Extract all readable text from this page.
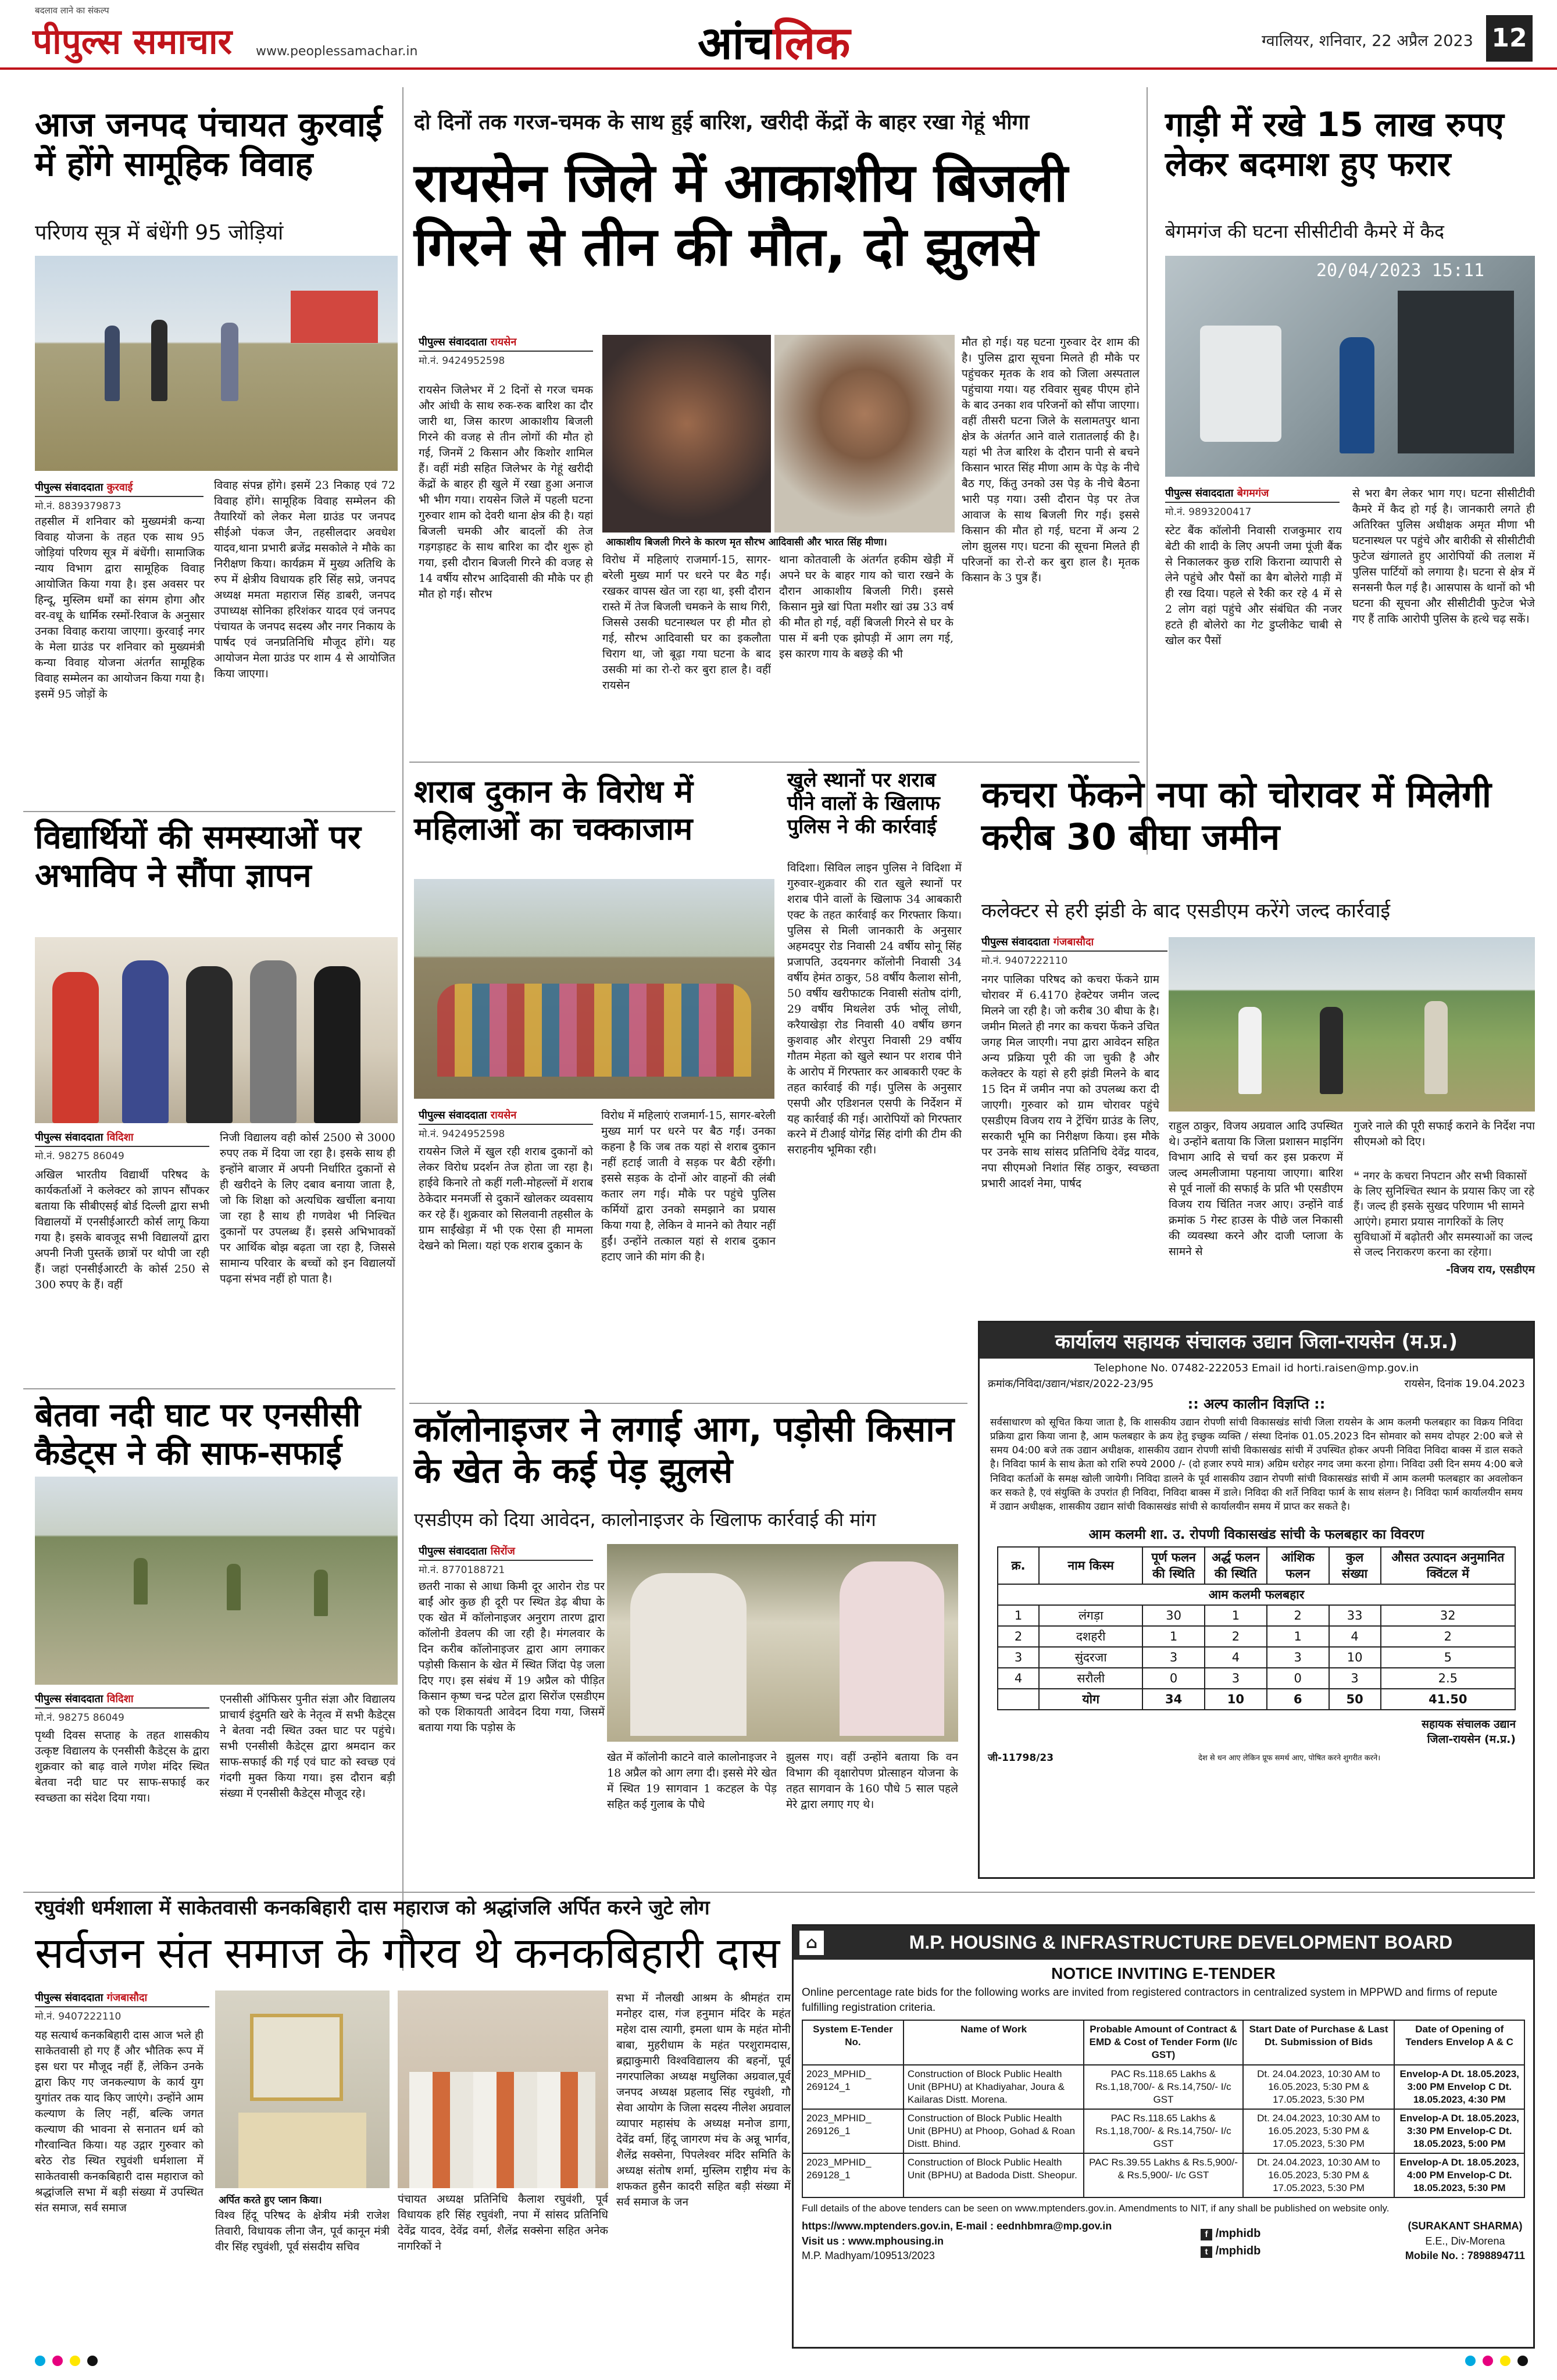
बदलाव लाने का संकल्प
पीपुल्स समाचार www.peoplessamachar.in	आंचलिक	ग्वालियर, शनिवार, 22 अप्रैल 2023 12
आज जनपद पंचायत कुरवाई में होंगे सामूहिक विवाह
परिणय सूत्र में बंधेंगी 95 जोड़ियां
पीपुल्स संवाददाता कुरवाई
मो.नं. 8839379873
तहसील में शनिवार को मुख्यमंत्री कन्या विवाह योजना के तहत एक साथ 95 जोड़ियां परिणय सूत्र में बंधेंगी। सामाजिक न्याय विभाग द्वारा सामूहिक विवाह आयोजित किया गया है। इस अवसर पर हिन्दू, मुस्लिम धर्मों का संगम होगा और वर-वधू के धार्मिक रस्मों-रिवाज के अनुसार उनका विवाह कराया जाएगा। कुरवाई नगर के मेला ग्राउंड पर शनिवार को मुख्यमंत्री कन्या विवाह योजना अंतर्गत सामूहिक विवाह सम्मेलन का आयोजन किया गया है। इसमें 95 जोड़ों के
विवाह संपन्न होंगे। इसमें 23 निकाह एवं 72 विवाह होंगे। सामूहिक विवाह सम्मेलन की तैयारियों को लेकर मेला ग्राउंड पर जनपद सीईओ पंकज जैन, तहसीलदार अवधेश यादव,थाना प्रभारी ब्रजेंद्र मसकोले ने मौके का निरीक्षण किया। कार्यक्रम में मुख्य अतिथि के रुप में क्षेत्रीय विधायक हरि सिंह सप्रे, जनपद अध्यक्ष ममता महाराज सिंह डाबरी, जनपद उपाध्यक्ष सोनिका हरिशंकर यादव एवं जनपद पंचायत के जनपद सदस्य और नगर निकाय के पार्षद एवं जनप्रतिनिधि मौजूद होंगे। यह आयोजन मेला ग्राउंड पर शाम 4 से आयोजित किया जाएगा।
दो दिनों तक गरज-चमक के साथ हुई बारिश, खरीदी केंद्रों के बाहर रखा गेहूं भीगा
रायसेन जिले में आकाशीय बिजली गिरने से तीन की मौत, दो झुलसे
पीपुल्स संवाददाता रायसेन
मो.नं. 9424952598
आकाशीय बिजली गिरने के कारण मृत सौरभ आदिवासी और भारत सिंह मीणा।
रायसेन जिलेभर में 2 दिनों से गरज चमक और आंधी के साथ रुक-रुक बारिश का दौर जारी था, जिस कारण आकाशीय बिजली गिरने की वजह से तीन लोगों की मौत हो गई, जिनमें 2 किसान और किशोर शामिल हैं। वहीं मंडी सहित जिलेभर के गेहूं खरीदी केंद्रों के बाहर ही खुले में रखा हुआ अनाज भी भीग गया। रायसेन जिले में पहली घटना गुरुवार शाम को देवरी थाना क्षेत्र की है। यहां बिजली चमकी और बादलों की तेज गड़गड़ाहट के साथ बारिश का दौर शुरू हो गया, इसी दौरान बिजली गिरने की वजह से 14 वर्षीय सौरभ आदिवासी की मौके पर ही मौत हो गई। सौरभ
विरोध में महिलाएं राजमार्ग-15, सागर-बरेली मुख्य मार्ग पर धरने पर बैठ गईं। रखकर वापस खेत जा रहा था, इसी दौरान रास्ते में तेज बिजली चमकने के साथ गिरी, जिससे उसकी घटनास्थल पर ही मौत हो गई, सौरभ आदिवासी घर का इकलौता चिराग था, जो बूढ़ा गया घटना के बाद उसकी मां का रो-रो कर बुरा हाल है। वहीं रायसेन
थाना कोतवाली के अंतर्गत हकीम खेड़ी में अपने घर के बाहर गाय को चारा रखने के दौरान आकाशीय बिजली गिरी। इससे किसान मुन्ने खां पिता मशीर खां उम्र 33 वर्ष की मौत हो गई, वहीं बिजली गिरने से घर के पास में बनी एक झोपड़ी में आग लग गई, इस कारण गाय के बछड़े की भी
मौत हो गई। यह घटना गुरुवार देर शाम की है। पुलिस द्वारा सूचना मिलते ही मौके पर पहुंचकर मृतक के शव को जिला अस्पताल पहुंचाया गया। यह रविवार सुबह पीएम होने के बाद उनका शव परिजनों को सौंपा जाएगा। वहीं तीसरी घटना जिले के सलामतपुर थाना क्षेत्र के अंतर्गत आने वाले रातातलाई की है। यहां भी तेज बारिश के दौरान पानी से बचने किसान भारत सिंह मीणा आम के पेड़ के नीचे बैठ गए, किंतु उनको उस पेड़ के नीचे बैठना भारी पड़ गया। उसी दौरान पेड़ पर तेज आवाज के साथ बिजली गिर गई। इससे किसान की मौत हो गई, घटना में अन्य 2 लोग झुलस गए। घटना की सूचना मिलते ही परिजनों का रो-रो कर बुरा हाल है। मृतक किसान के 3 पुत्र हैं।
गाड़ी में रखे 15 लाख रुपए लेकर बदमाश हुए फरार
बेगमगंज की घटना सीसीटीवी कैमरे में कैद
20/04/2023 15:11
पीपुल्स संवाददाता बेगमगंज
मो.नं. 9893200417
स्टेट बैंक कॉलोनी निवासी राजकुमार राय बेटी की शादी के लिए अपनी जमा पूंजी बैंक से निकालकर कुछ राशि किराना व्यापारी से लेने पहुंचे और पैसों का बैग बोलेरो गाड़ी में ही रख दिया। पहले से रैकी कर रहे 4 में से 2 लोग वहां पहुंचे और संबंधित की नजर हटते ही बोलेरो का गेट डुप्लीकेट चाबी से खोल कर पैसों
से भरा बैग लेकर भाग गए। घटना सीसीटीवी कैमरे में कैद हो गई है। जानकारी लगते ही अतिरिक्त पुलिस अधीक्षक अमृत मीणा भी घटनास्थल पर पहुंचे और बारीकी से सीसीटीवी फुटेज खंगालते हुए आरोपियों की तलाश में पुलिस पार्टियों को लगाया है। घटना से क्षेत्र में सनसनी फैल गई है। आसपास के थानों को भी घटना की सूचना और सीसीटीवी फुटेज भेजे गए हैं ताकि आरोपी पुलिस के हत्थे चढ़ सकें।
विद्यार्थियों की समस्याओं पर अभाविप ने सौंपा ज्ञापन
पीपुल्स संवाददाता विदिशा
मो.नं. 98275 86049
अखिल भारतीय विद्यार्थी परिषद के कार्यकर्ताओं ने कलेक्टर को ज्ञापन सौंपकर बताया कि सीबीएसई बोर्ड दिल्ली द्वारा सभी विद्यालयों में एनसीईआरटी कोर्स लागू किया गया है। इसके बावजूद सभी विद्यालयों द्वारा अपनी निजी पुस्तकें छात्रों पर थोपी जा रही हैं। जहां एनसीईआरटी के कोर्स 250 से 300 रुपए के हैं। वहीं
निजी विद्यालय वही कोर्स 2500 से 3000 रुपए तक में दिया जा रहा है। इसके साथ ही इन्होंने बाजार में अपनी निर्धारित दुकानों से ही खरीदने के लिए दबाव बनाया जाता है, जो कि शिक्षा को अत्यधिक खर्चीला बनाया जा रहा है साथ ही गणवेश भी निश्चित दुकानों पर उपलब्ध हैं। इससे अभिभावकों पर आर्थिक बोझ बढ़ता जा रहा है, जिससे सामान्य परिवार के बच्चों को इन विद्यालयों पढ़ना संभव नहीं हो पाता है।
शराब दुकान के विरोध में महिलाओं का चक्काजाम
पीपुल्स संवाददाता रायसेन
मो.नं. 9424952598
रायसेन जिले में खुल रही शराब दुकानों को लेकर विरोध प्रदर्शन तेज होता जा रहा है। हाईवे किनारे तो कहीं गली-मोहल्लों में शराब ठेकेदार मनमर्जी से दुकानें खोलकर व्यवसाय कर रहे हैं। शुक्रवार को सिलवानी तहसील के ग्राम साईंखेड़ा में भी एक ऐसा ही मामला देखने को मिला। यहां एक शराब दुकान के
विरोध में महिलाएं राजमार्ग-15, सागर-बरेली मुख्य मार्ग पर धरने पर बैठ गईं। उनका कहना है कि जब तक यहां से शराब दुकान नहीं हटाई जाती वे सड़क पर बैठी रहेंगी। इससे सड़क के दोनों ओर वाहनों की लंबी कतार लग गई। मौके पर पहुंचे पुलिस कर्मियों द्वारा उनको समझाने का प्रयास किया गया है, लेकिन वे मानने को तैयार नहीं हुईं। उन्होंने तत्काल यहां से शराब दुकान हटाए जाने की मांग की है।
खुले स्थानों पर शराब पीने वालों के खिलाफ पुलिस ने की कार्रवाई
विदिशा। सिविल लाइन पुलिस ने विदिशा में गुरुवार-शुक्रवार की रात खुले स्थानों पर शराब पीने वालों के खिलाफ 34 आबकारी एक्ट के तहत कार्रवाई कर गिरफ्तार किया। पुलिस से मिली जानकारी के अनुसार अहमदपुर रोड निवासी 24 वर्षीय सोनू सिंह प्रजापति, उदयनगर कॉलोनी निवासी 34 वर्षीय हेमंत ठाकुर, 58 वर्षीय कैलाश सोनी, 50 वर्षीय खरीफाटक निवासी संतोष दांगी, 29 वर्षीय मिथलेश उर्फ भोलू लोधी, करैयाखेड़ा रोड निवासी 40 वर्षीय छगन कुशवाह और शेरपुरा निवासी 29 वर्षीय गौतम मेहता को खुले स्थान पर शराब पीने के आरोप में गिरफ्तार कर आबकारी एक्ट के तहत कार्रवाई की गई। पुलिस के अनुसार एसपी और एडिशनल एसपी के निर्देशन में यह कार्रवाई की गई। आरोपियों को गिरफ्तार करने में टीआई योगेंद्र सिंह दांगी की टीम की सराहनीय भूमिका रही।
कचरा फेंकने नपा को चोरावर में मिलेगी करीब 30 बीघा जमीन
कलेक्टर से हरी झंडी के बाद एसडीएम करेंगे जल्द कार्रवाई
पीपुल्स संवाददाता गंजबासौदा
मो.नं. 9407222110
नगर पालिका परिषद को कचरा फेंकने ग्राम चोरावर में 6.4170 हेक्टेयर जमीन जल्द मिलने जा रही है। जो करीब 30 बीघा के है। जमीन मिलते ही नगर का कचरा फेंकने उचित जगह मिल जाएगी। नपा द्वारा आवेदन सहित अन्य प्रक्रिया पूरी की जा चुकी है और कलेक्टर के यहां से हरी झंडी मिलने के बाद 15 दिन में जमीन नपा को उपलब्ध करा दी जाएगी। गुरुवार को ग्राम चोरावर पहुंचे एसडीएम विजय राय ने ट्रेंचिंग ग्राउंड के लिए, सरकारी भूमि का निरीक्षण किया। इस मौके पर उनके साथ सांसद प्रतिनिधि देवेंद्र यादव, नपा सीएमओ निशांत सिंह ठाकुर, स्वच्छता प्रभारी आदर्श नेमा, पार्षद
राहुल ठाकुर, विजय अग्रवाल आदि उपस्थित थे। उन्होंने बताया कि जिला प्रशासन माइनिंग विभाग आदि से चर्चा कर इस प्रकरण में जल्द अमलीजामा पहनाया जाएगा। बारिश से पूर्व नालों की सफाई के प्रति भी एसडीएम विजय राय चिंतित नजर आए। उन्होंने वार्ड क्रमांक 5 गेस्ट हाउस के पीछे जल निकासी की व्यवस्था करने और दाजी प्लाजा के सामने से
गुजरे नाले की पूरी सफाई कराने के निर्देश नपा सीएमओ को दिए।
❝ नगर के कचरा निपटान और सभी विकासों के लिए सुनिश्चित स्थान के प्रयास किए जा रहे हैं। जल्द ही इसके सुखद परिणाम भी सामने आएंगे। हमारा प्रयास नागरिकों के लिए सुविधाओं में बढ़ोतरी और समस्याओं का जल्द से जल्द निराकरण करना का रहेगा।
-विजय राय, एसडीएम
बेतवा नदी घाट पर एनसीसी कैडेट्स ने की साफ-सफाई
पीपुल्स संवाददाता विदिशा
मो.नं. 98275 86049
पृथ्वी दिवस सप्ताह के तहत शासकीय उत्कृष्ट विद्यालय के एनसीसी कैडेट्स के द्वारा शुक्रवार को बाढ़ वाले गणेश मंदिर स्थित बेतवा नदी घाट पर साफ-सफाई कर स्वच्छता का संदेश दिया गया।
एनसीसी ऑफिसर पुनीत संज्ञा और विद्यालय प्राचार्य इंदुमति खरे के नेतृत्व में सभी कैडेट्स ने बेतवा नदी स्थित उक्त घाट पर पहुंचे। सभी एनसीसी कैडेट्स द्वारा श्रमदान कर साफ-सफाई की गई एवं घाट को स्वच्छ एवं गंदगी मुक्त किया गया। इस दौरान बड़ी संख्या में एनसीसी कैडेट्स मौजूद रहे।
कॉलोनाइजर ने लगाई आग, पड़ोसी किसान के खेत के कई पेड़ झुलसे
एसडीएम को दिया आवेदन, कालोनाइजर के खिलाफ कार्रवाई की मांग
पीपुल्स संवाददाता सिरोंज
मो.नं. 8770188721
छतरी नाका से आधा किमी दूर आरोन रोड पर बाईं ओर कुछ ही दूरी पर स्थित डेढ़ बीघा के एक खेत में कॉलोनाइजर अनुराग तारण द्वारा कॉलोनी डेवलप की जा रही है। मंगलवार के दिन करीब कॉलोनाइजर द्वारा आग लगाकर पड़ोसी किसान के खेत में स्थित जिंदा पेड़ जला दिए गए। इस संबंध में 19 अप्रैल को पीड़ित किसान कृष्ण चन्द्र पटेल द्वारा सिरोंज एसडीएम को एक शिकायती आवेदन दिया गया, जिसमें बताया गया कि पड़ोस के
खेत में कॉलोनी काटने वाले कालोनाइजर ने 18 अप्रैल को आग लगा दी। इससे मेरे खेत में स्थित 19 सागवान 1 कटहल के पेड़ सहित कई गुलाब के पौधे
झुलस गए। वहीं उन्होंने बताया कि वन विभाग की वृक्षारोपण प्रोत्साहन योजना के तहत सागवान के 160 पौधे 5 साल पहले मेरे द्वारा लगाए गए थे।
कार्यालय सहायक संचालक उद्यान जिला-रायसेन (म.प्र.)
Telephone No. 07482-222053 Email id horti.raisen@mp.gov.in
क्रमांक/निविदा/उद्यान/भंडार/2022-23/95	रायसेन, दिनांक 19.04.2023
:: अल्प कालीन विज्ञप्ति ::
सर्वसाधारण को सूचित किया जाता है, कि शासकीय उद्यान रोपणी सांची विकासखंड सांची जिला रायसेन के आम कलमी फलबहार का विक्रय निविदा प्रक्रिया द्वारा किया जाना है, आम फलबहार के क्रय हेतु इच्छुक व्यक्ति / संस्था दिनांक 01.05.2023 दिन सोमवार को समय दोपहर 2:00 बजे से समय 04:00 बजे तक उद्यान अधीक्षक, शासकीय उद्यान रोपणी सांची विकासखंड सांची में उपस्थित होकर अपनी निविदा निविदा बाक्स में डाल सकते है। निविदा फार्म के साथ क्रेता को राशि रुपये 2000 /- (दो हजार रुपये मात्र) अग्रिम धरोहर नगद जमा करना होगा। निविदा उसी दिन समय 4:00 बजे निविदा कर्ताओं के समक्ष खोली जायेगी। निविदा डालने के पूर्व शासकीय उद्यान रोपणी सांची विकासखंड सांची में आम कलमी फलबहार का अवलोकन कर सकते है, एवं संयुक्ति के उपरांत ही निविदा, निविदा बाक्स में डाले। निविदा की शर्ते निविदा फार्म के साथ संलग्न है। निविदा फार्म कार्यालयीन समय में उद्यान अधीक्षक, शासकीय उद्यान सांची विकासखंड सांची से कार्यालयीन समय में प्राप्त कर सकते है।
आम कलमी शा. उ. रोपणी विकासखंड सांची के फलबहार का विवरण
क्र.	नाम किस्म	पूर्ण फलन की स्थिति	अर्द्ध फलन की स्थिति	आंशिक फलन	कुल संख्या	औसत उत्पादन अनुमानित क्विंटल में
आम कलमी फलबहार						
1	लंगड़ा	30	1	2	33	32
2	दशहरी	1	2	1	4	2
3	सुंदरजा	3	4	3	10	5
4	सरौली	0	3	0	3	2.5
	योग	34	10	6	50	41.50
सहायक संचालक उद्यान
जिला-रायसेन (म.प्र.)
जी-11798/23	देश से धन आए लेकिन प्रूफ समर्थ आए, पोषित करने शुगरीत करने।
रघुवंशी धर्मशाला में साकेतवासी कनकबिहारी दास महाराज को श्रद्धांजलि अर्पित करने जुटे लोग
सर्वजन संत समाज के गौरव थे कनकबिहारी दास
पीपुल्स संवाददाता गंजबासौदा
मो.नं. 9407222110
यह सत्यार्थ कनकबिहारी दास आज भले ही साकेतवासी हो गए हैं और भौतिक रूप में इस धरा पर मौजूद नहीं हैं, लेकिन उनके द्वारा किए गए जनकल्याण के कार्य युग युगांतर तक याद किए जाएंगे। उन्होंने आम कल्याण के लिए नहीं, बल्कि जगत कल्याण की भावना से सनातन धर्म को गौरवान्वित किया। यह उद्गार गुरुवार को बरेठ रोड स्थित रघुवंशी धर्मशाला में साकेतवासी कनकबिहारी दास महाराज को श्रद्धांजलि सभा में बड़ी संख्या में उपस्थित संत समाज, सर्व समाज
अर्पित करते हुए प्लान किया।
विश्व हिंदू परिषद के क्षेत्रीय मंत्री राजेश तिवारी, विधायक लीना जैन, पूर्व कानून मंत्री वीर सिंह रघुवंशी, पूर्व संसदीय सचिव
पंचायत अध्यक्ष प्रतिनिधि कैलाश रघुवंशी, पूर्व विधायक हरि सिंह रघुवंशी, नपा में सांसद प्रतिनिधि देवेंद्र यादव, देवेंद्र वर्मा, शैलेंद्र सक्सेना सहित अनेक नागरिकों ने
सभा में नौलखी आश्रम के श्रीमहंत राम मनोहर दास, गंज हनुमान मंदिर के महंत महेश दास त्यागी, इमला धाम के महंत मोनी बाबा, मुहरीधाम के महंत परशुरामदास, ब्रह्माकुमारी विश्वविद्यालय की बहनों, पूर्व नगरपालिका अध्यक्ष मधुलिका अग्रवाल,पूर्व जनपद अध्यक्ष प्रहलाद सिंह रघुवंशी, गौ सेवा आयोग के जिला सदस्य नीलेश अग्रवाल व्यापार महासंघ के अध्यक्ष मनोज डागा, देवेंद्र वर्मा, हिंदू जागरण मंच के अन्नू भार्गव, शैलेंद्र सक्सेना, पिपलेश्वर मंदिर समिति के अध्यक्ष संतोष शर्मा, मुस्लिम राष्ट्रीय मंच के शफकत हुसैन कादरी सहित बड़ी संख्या में सर्व समाज के जन
⌂	M.P. HOUSING & INFRASTRUCTURE DEVELOPMENT BOARD
NOTICE INVITING E-TENDER
Online percentage rate bids for the following works are invited from registered contractors in centralized system in MPPWD and firms of repute fulfilling registration criteria.
System E-Tender No.	Name of Work	Probable Amount of Contract & EMD & Cost of Tender Form (I/c GST)	Start Date of Purchase & Last Dt. Submission of Bids	Date of Opening of Tenders Envelop A & C
2023_MPHID_ 269124_1	Construction of Block Public Health Unit (BPHU) at Khadiyahar, Joura & Kailaras Distt. Morena.	PAC Rs.118.65 Lakhs & Rs.1,18,700/- & Rs.14,750/- I/c GST	Dt. 24.04.2023, 10:30 AM to 16.05.2023, 5:30 PM & 17.05.2023, 5:30 PM	Envelop-A Dt. 18.05.2023, 3:00 PM Envelop C Dt. 18.05.2023, 4:30 PM
2023_MPHID_ 269126_1	Construction of Block Public Health Unit (BPHU) at Phoop, Gohad & Roan Distt. Bhind.	PAC Rs.118.65 Lakhs & Rs.1,18,700/- & Rs.14,750/- I/c GST	Dt. 24.04.2023, 10:30 AM to 16.05.2023, 5:30 PM & 17.05.2023, 5:30 PM	Envelop-A Dt. 18.05.2023, 3:30 PM Envelop-C Dt. 18.05.2023, 5:00 PM
2023_MPHID_ 269128_1	Construction of Block Public Health Unit (BPHU) at Badoda Distt. Sheopur.	PAC Rs.39.55 Lakhs & Rs.5,900/- & Rs.5,900/- I/c GST	Dt. 24.04.2023, 10:30 AM to 16.05.2023, 5:30 PM & 17.05.2023, 5:30 PM	Envelop-A Dt. 18.05.2023, 4:00 PM Envelop-C Dt. 18.05.2023, 5:30 PM
Full details of the above tenders can be seen on www.mptenders.gov.in. Amendments to NIT, if any shall be published on website only.
https://www.mptenders.gov.in, E-mail : eednhbmra@mp.gov.in
Visit us : www.mphousing.in
M.P. Madhyam/109513/2023
f /mphidb
t /mphidb
(SURAKANT SHARMA)
E.E., Div-Morena
Mobile No. : 7898894711
